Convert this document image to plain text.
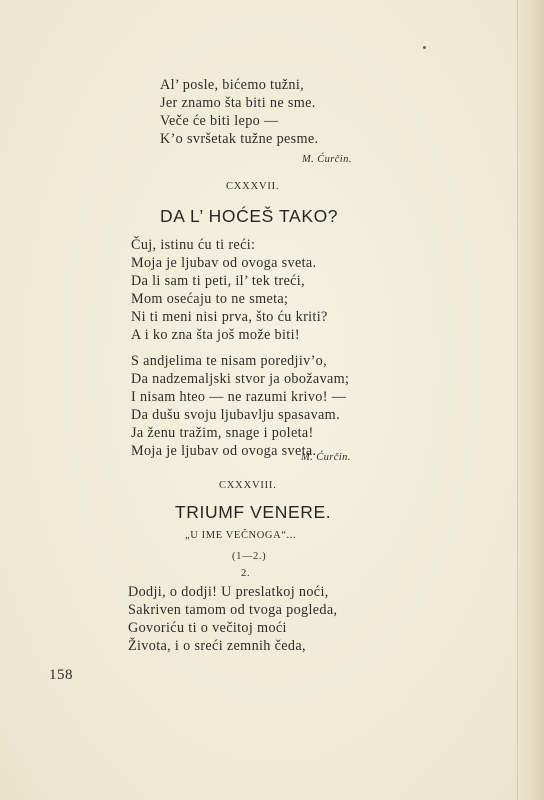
Al’ posle, bićemo tužni,
Jer znamo šta biti ne sme.
Veče će biti lepo —
K’o svršetak tužne pesme.
M. Ćurčin.
CXXXVII.
DA L’ HOĆEŠ TAKO?
Čuj, istinu ću ti reći:
Moja je ljubav od ovoga sveta.
Da li sam ti peti, il’ tek treći,
Mom osećaju to ne smeta;
Ni ti meni nisi prva, što ću kriti?
A i ko zna šta još može biti!
S andjelima te nisam poredjiv’o,
Da nadzemaljski stvor ja obožavam;
I nisam hteo — ne razumi krivo! —
Da dušu svoju ljubavlju spasavam.
Ja ženu tražim, snage i poleta!
Moja je ljubav od ovoga sveta.
M. Ćurčin.
CXXXVIII.
TRIUMF VENERE.
„U IME VEČNOGA“...
(1—2.)
2.
Dodji, o dodji! U preslatkoj noći,
Sakriven tamom od tvoga pogleda,
Govoriću ti o večitoj moći
Života, i o sreći zemnih čeda,
158
